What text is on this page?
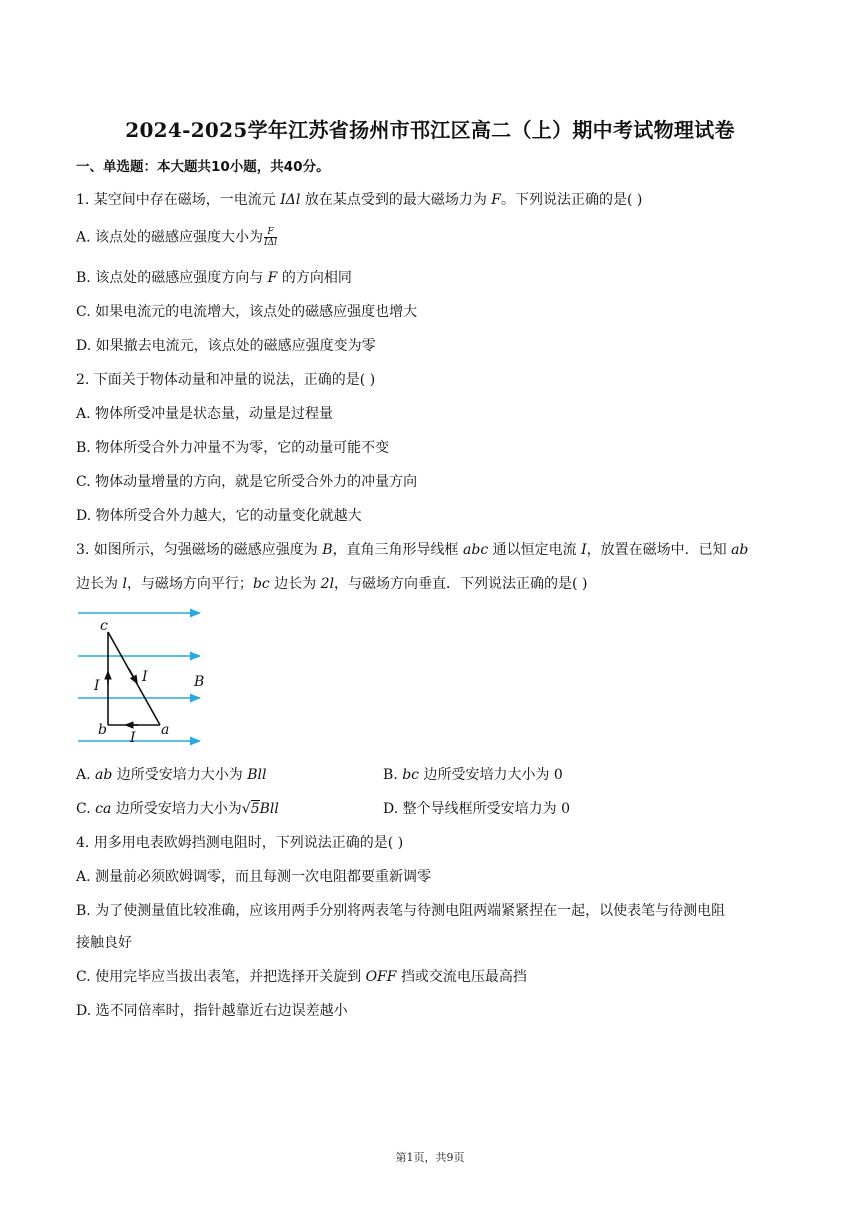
2024-2025学年江苏省扬州市邗江区高二（上）期中考试物理试卷
一、单选题：本大题共10小题，共40分。
1. 某空间中存在磁场，一电流元 IΔl 放在某点受到的最大磁场力为 F。下列说法正确的是( )
A. 该点处的磁感应强度大小为 $\frac{F}{\text{IΔl}}$
B. 该点处的磁感应强度方向与 F 的方向相同
C. 如果电流元的电流增大，该点处的磁感应强度也增大
D. 如果撤去电流元，该点处的磁感应强度变为零
2. 下面关于物体动量和冲量的说法，正确的是( )
A. 物体所受冲量是状态量，动量是过程量
B. 物体所受合外力冲量不为零，它的动量可能不变
C. 物体动量增量的方向，就是它所受合外力的冲量方向
D. 物体所受合外力越大，它的动量变化就越大
3. 如图所示，匀强磁场的磁感应强度为 B，直角三角形导线框 abc 通以恒定电流 I，放置在磁场中．已知 ab
边长为 l，与磁场方向平行；bc 边长为 2l，与磁场方向垂直．下列说法正确的是( )
c
b	a
I
I
I
B
A. ab 边所受安培力大小为 Bll	B. bc 边所受安培力大小为 0
C. ca 边所受安培力大小为√5Bll	D. 整个导线框所受安培力为 0
4. 用多用电表欧姆挡测电阻时，下列说法正确的是( )
A. 测量前必须欧姆调零，而且每测一次电阻都要重新调零
B. 为了使测量值比较准确，应该用两手分别将两表笔与待测电阻两端紧紧捏在一起，以使表笔与待测电阻
接触良好
C. 使用完毕应当拔出表笔，并把选择开关旋到 OFF 挡或交流电压最高挡
D. 选不同倍率时，指针越靠近右边误差越小
第1页，共9页
